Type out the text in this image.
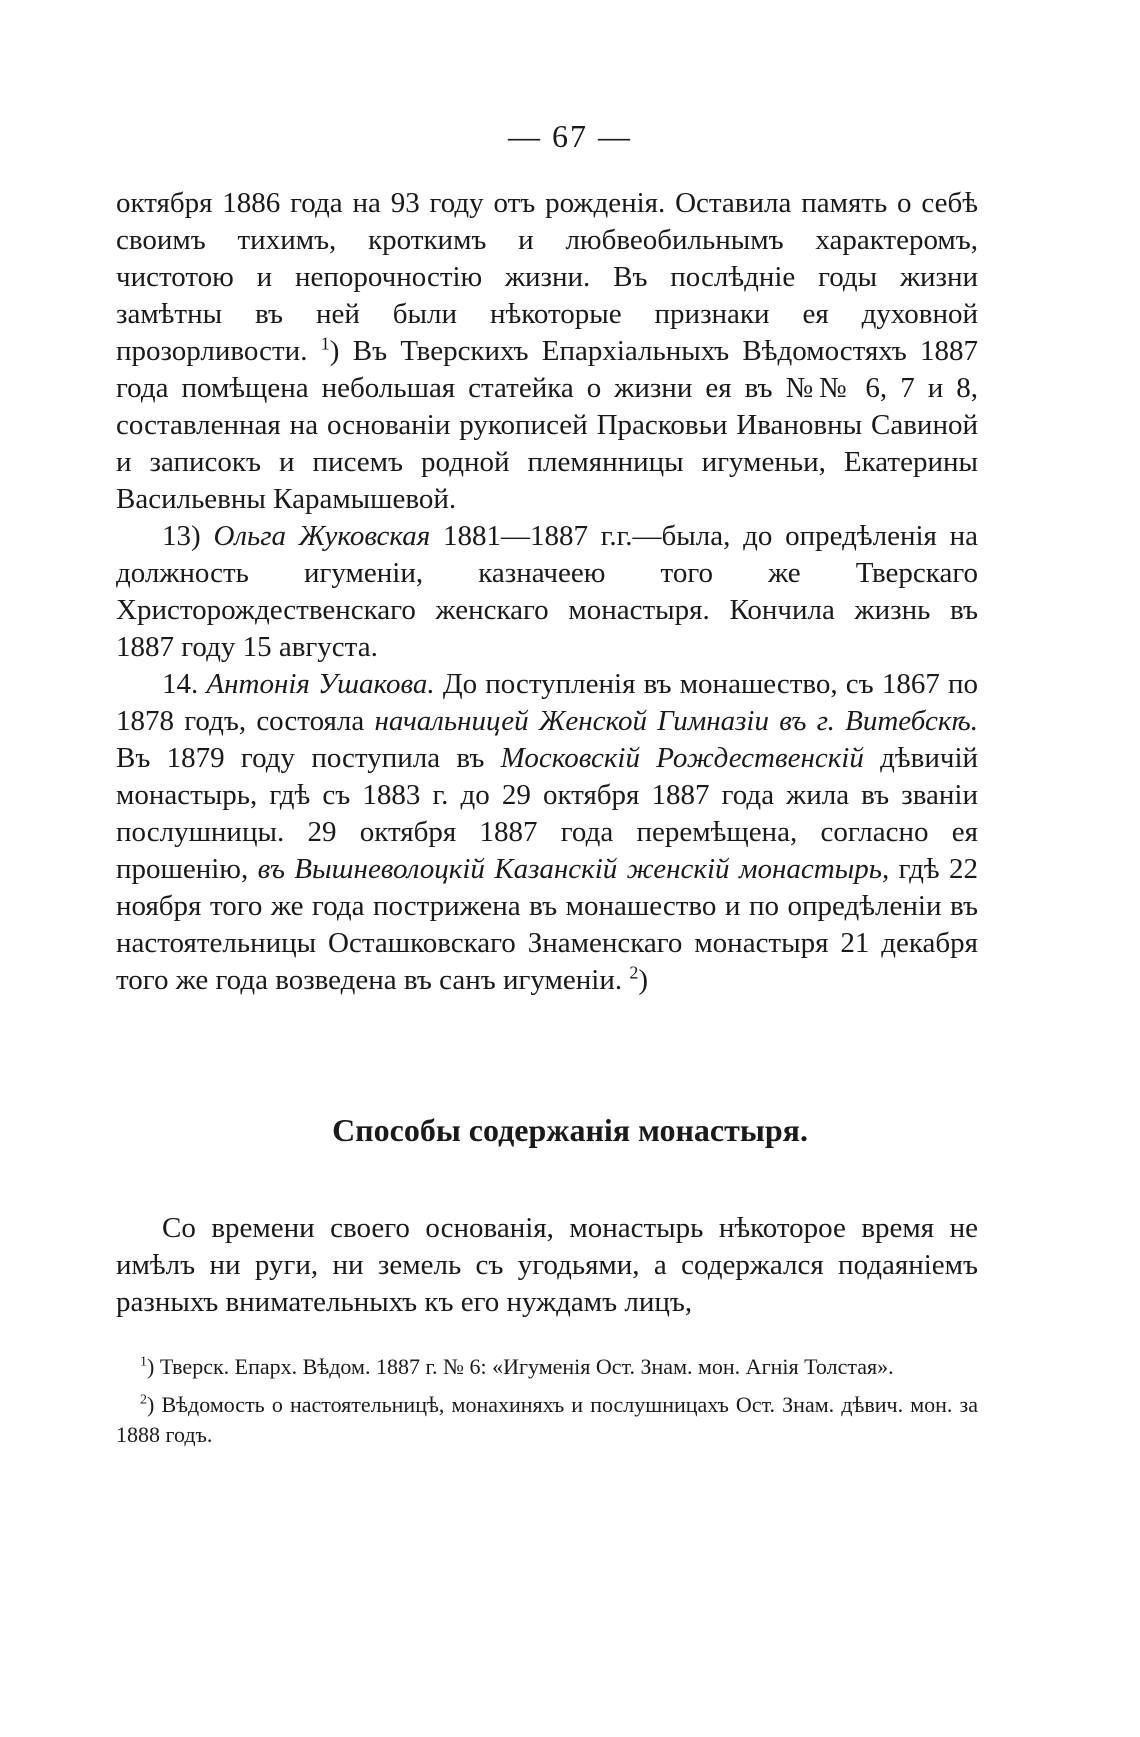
— 67 —

октября 1886 года на 93 году отъ рожденія. Оставила память о себѣ своимъ тихимъ, кроткимъ и любвеобильнымъ характеромъ, чистотою и непорочностію жизни. Въ послѣдніе годы жизни замѣтны въ ней были нѣкоторые признаки ея духовной прозорливости. $^1$) Въ Тверскихъ Епархіальныхъ Вѣдомостяхъ 1887 года помѣщена небольшая статейка о жизни ея въ №№ 6, 7 и 8, составленная на основаніи рукописей Прасковьи Ивановны Савиной и записокъ и писемъ родной племянницы игуменьи, Екатерины Васильевны Карамышевой.

13) Ольга Жуковская 1881—1887 г.г.—была, до опредѣленія на должность игуменіи, казначеею того же Тверскаго Христорождественскаго женскаго монастыря. Кончила жизнь въ 1887 году 15 августа.

14. Антонія Ушакова. До поступленія въ монашество, съ 1867 по 1878 годъ, состояла начальницей Женской Гимназіи въ г. Витебскѣ. Въ 1879 году поступила въ Московскій Рождественскій дѣвичій монастырь, гдѣ съ 1883 г. до 29 октября 1887 года жила въ званіи послушницы. 29 октября 1887 года перемѣщена, согласно ея прошенію, въ Вышневолоцкій Казанскій женскій монастырь, гдѣ 22 ноября того же года пострижена въ монашество и по опредѣленіи въ настоятельницы Осташковскаго Знаменскаго монастыря 21 декабря того же года возведена въ санъ игуменіи. $^2$)

Способы содержанія монастыря.

Со времени своего основанія, монастырь нѣкоторое время не имѣлъ ни руги, ни земель съ угодьями, а содержался подаяніемъ разныхъ внимательныхъ къ его нуждамъ лицъ,

$^1$) Тверск. Епарх. Вѣдом. 1887 г. № 6: «Игуменія Ост. Знам. мон. Агнія Толстая».

$^2$) Вѣдомость о настоятельницѣ, монахиняхъ и послушницахъ Ост. Знам. дѣвич. мон. за 1888 годъ.
